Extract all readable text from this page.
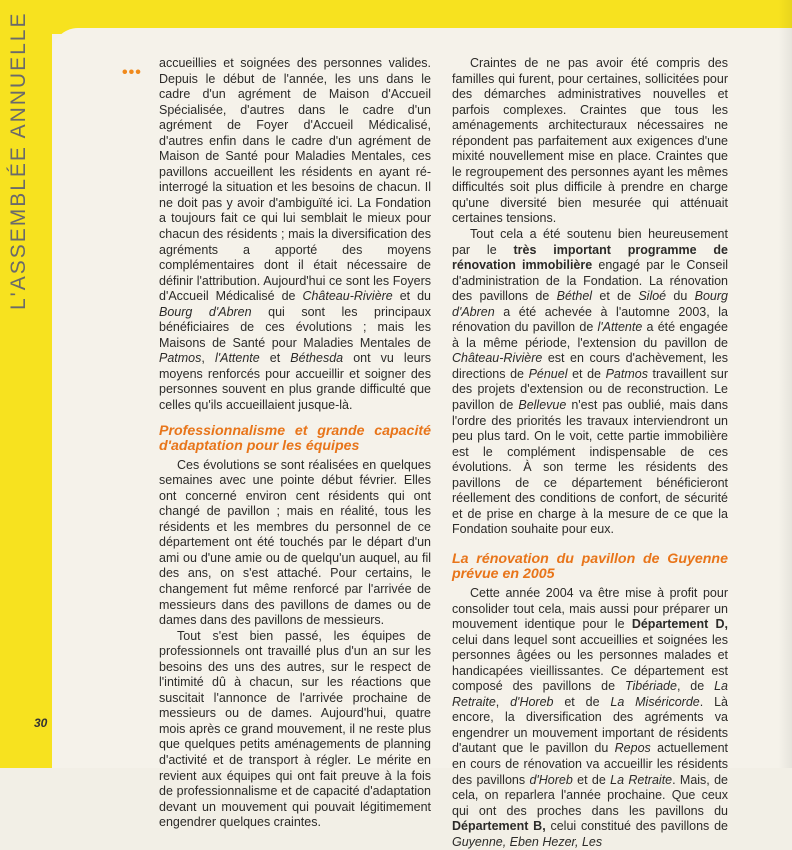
L'ASSEMBLÉE ANNUELLE	•••

accueillies et soignées des personnes valides. Depuis le début de l'année, les uns dans le cadre d'un agrément de Maison d'Accueil Spécialisée, d'autres dans le cadre d'un agrément de Foyer d'Accueil Médicalisé, d'autres enfin dans le cadre d'un agrément de Maison de Santé pour Maladies Mentales, ces pavillons accueillent les résidents en ayant ré-interrogé la situation et les besoins de chacun. Il ne doit pas y avoir d'ambiguïté ici. La Fondation a toujours fait ce qui lui semblait le mieux pour chacun des résidents ; mais la diversification des agréments a apporté des moyens complémentaires dont il était nécessaire de définir l'attribution. Aujourd'hui ce sont les Foyers d'Accueil Médicalisé de Château-Rivière et du Bourg d'Abren qui sont les principaux bénéficiaires de ces évolutions ; mais les Maisons de Santé pour Maladies Mentales de Patmos, l'Attente et Béthesda ont vu leurs moyens renforcés pour accueillir et soigner des personnes souvent en plus grande difficulté que celles qu'ils accueillaient jusque-là.

Professionnalisme et grande capacité d'adaptation pour les équipes

Ces évolutions se sont réalisées en quelques semaines avec une pointe début février. Elles ont concerné environ cent résidents qui ont changé de pavillon ; mais en réalité, tous les résidents et les membres du personnel de ce département ont été touchés par le départ d'un ami ou d'une amie ou de quelqu'un auquel, au fil des ans, on s'est attaché. Pour certains, le changement fut même renforcé par l'arrivée de messieurs dans des pavillons de dames ou de dames dans des pavillons de messieurs.

Tout s'est bien passé, les équipes de professionnels ont travaillé plus d'un an sur les besoins des uns des autres, sur le respect de l'intimité dû à chacun, sur les réactions que suscitait l'annonce de l'arrivée prochaine de messieurs ou de dames. Aujourd'hui, quatre mois après ce grand mouvement, il ne reste plus que quelques petits aménagements de planning d'activité et de transport à régler. Le mérite en revient aux équipes qui ont fait preuve à la fois de professionnalisme et de capacité d'adaptation devant un mouvement qui pouvait légitimement engendrer quelques craintes.

Craintes de ne pas avoir été compris des familles qui furent, pour certaines, sollicitées pour des démarches administratives nouvelles et parfois complexes. Craintes que tous les aménagements architecturaux nécessaires ne répondent pas parfaitement aux exigences d'une mixité nouvellement mise en place. Craintes que le regroupement des personnes ayant les mêmes difficultés soit plus difficile à prendre en charge qu'une diversité bien mesurée qui atténuait certaines tensions.

Tout cela a été soutenu bien heureusement par le très important programme de rénovation immobilière engagé par le Conseil d'administration de la Fondation. La rénovation des pavillons de Béthel et de Siloé du Bourg d'Abren a été achevée à l'automne 2003, la rénovation du pavillon de l'Attente a été engagée à la même période, l'extension du pavillon de Château-Rivière est en cours d'achèvement, les directions de Pénuel et de Patmos travaillent sur des projets d'extension ou de reconstruction. Le pavillon de Bellevue n'est pas oublié, mais dans l'ordre des priorités les travaux interviendront un peu plus tard. On le voit, cette partie immobilière est le complément indispensable de ces évolutions. À son terme les résidents des pavillons de ce département bénéficieront réellement des conditions de confort, de sécurité et de prise en charge à la mesure de ce que la Fondation souhaite pour eux.

La rénovation du pavillon de Guyenne prévue en 2005

Cette année 2004 va être mise à profit pour consolider tout cela, mais aussi pour préparer un mouvement identique pour le Département D, celui dans lequel sont accueillies et soignées les personnes âgées ou les personnes malades et handicapées vieillissantes. Ce département est composé des pavillons de Tibériade, de La Retraite, d'Horeb et de La Miséricorde. Là encore, la diversification des agréments va engendrer un mouvement important de résidents d'autant que le pavillon du Repos actuellement en cours de rénovation va accueillir les résidents des pavillons d'Horeb et de La Retraite. Mais, de cela, on reparlera l'année prochaine. Que ceux qui ont des proches dans les pavillons du Département B, celui constitué des pavillons de Guyenne, Eben Hezer, Les

30
